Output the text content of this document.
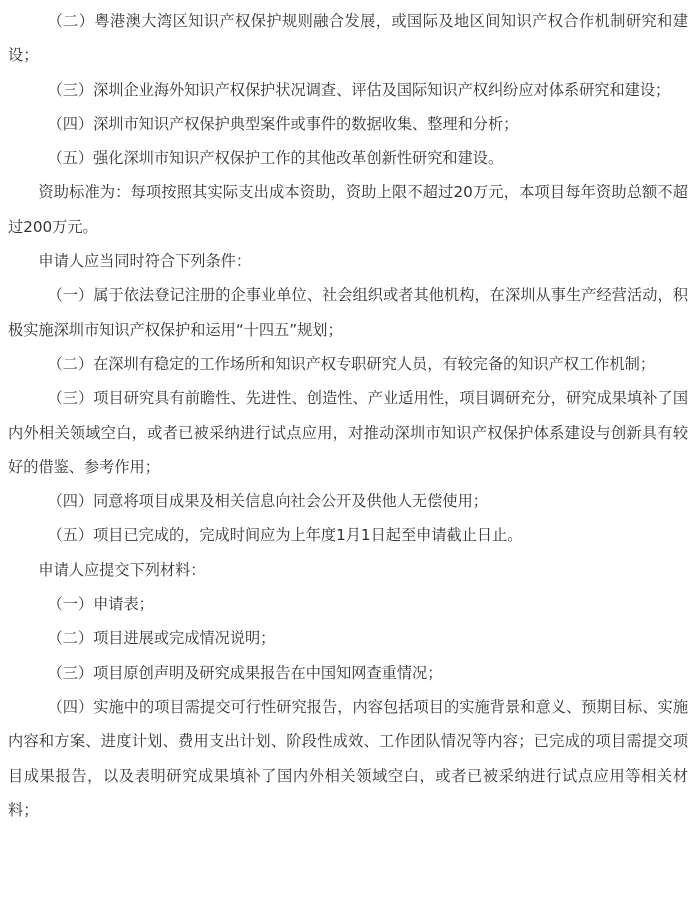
（二）粤港澳大湾区知识产权保护规则融合发展，或国际及地区间知识产权合作机制研究和建设；

（三）深圳企业海外知识产权保护状况调查、评估及国际知识产权纠纷应对体系研究和建设；

（四）深圳市知识产权保护典型案件或事件的数据收集、整理和分析；

（五）强化深圳市知识产权保护工作的其他改革创新性研究和建设。

资助标准为：每项按照其实际支出成本资助，资助上限不超过20万元，本项目每年资助总额不超过200万元。

申请人应当同时符合下列条件：

（一）属于依法登记注册的企事业单位、社会组织或者其他机构，在深圳从事生产经营活动，积极实施深圳市知识产权保护和运用“十四五”规划；

（二）在深圳有稳定的工作场所和知识产权专职研究人员，有较完备的知识产权工作机制；

（三）项目研究具有前瞻性、先进性、创造性、产业适用性，项目调研充分，研究成果填补了国内外相关领域空白，或者已被采纳进行试点应用，对推动深圳市知识产权保护体系建设与创新具有较好的借鉴、参考作用；

（四）同意将项目成果及相关信息向社会公开及供他人无偿使用；

（五）项目已完成的，完成时间应为上年度1月1日起至申请截止日止。

申请人应提交下列材料：

（一）申请表；

（二）项目进展或完成情况说明；

（三）项目原创声明及研究成果报告在中国知网查重情况；

（四）实施中的项目需提交可行性研究报告，内容包括项目的实施背景和意义、预期目标、实施内容和方案、进度计划、费用支出计划、阶段性成效、工作团队情况等内容；已完成的项目需提交项目成果报告，以及表明研究成果填补了国内外相关领域空白，或者已被采纳进行试点应用等相关材料；
